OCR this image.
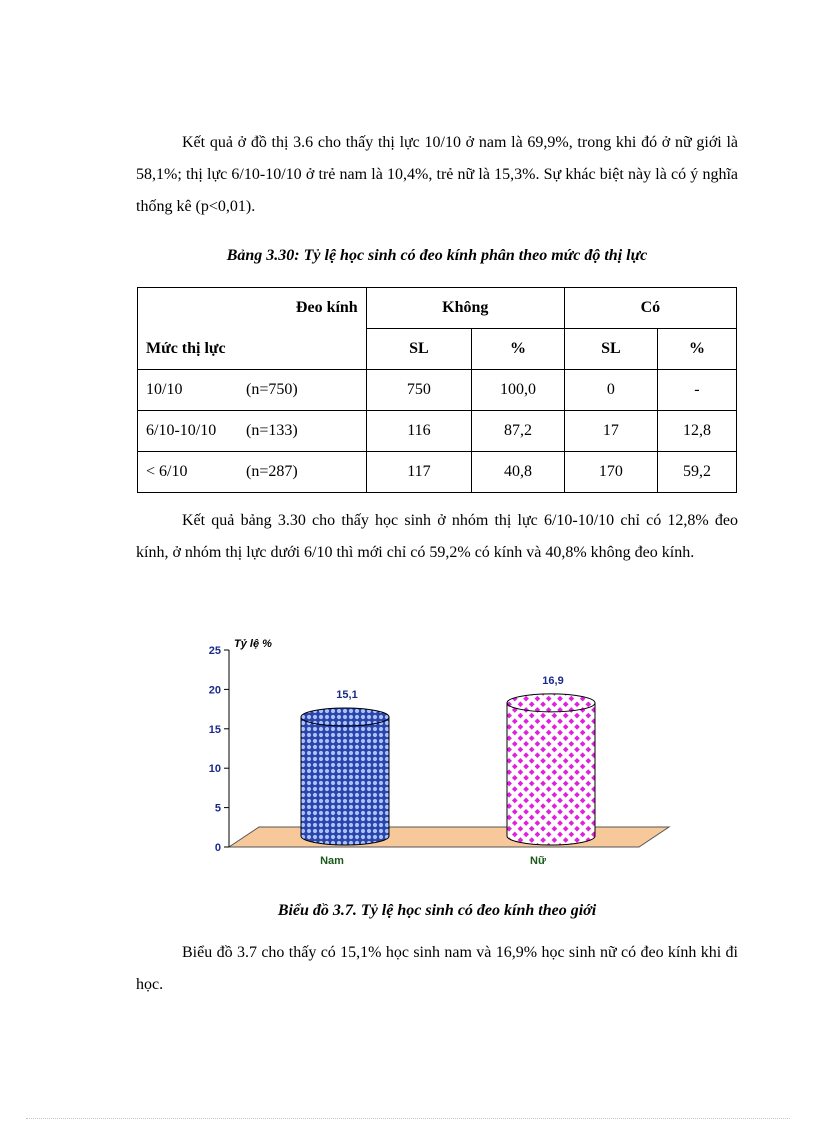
Kết quả ở đồ thị 3.6 cho thấy thị lực 10/10 ở nam là 69,9%, trong khi đó ở nữ giới là 58,1%; thị lực 6/10-10/10 ở trẻ nam là 10,4%, trẻ nữ là 15,3%. Sự khác biệt này là có ý nghĩa thống kê (p<0,01).

Bảng 3.30: Tỷ lệ học sinh có đeo kính phân theo mức độ thị lực

Đeo kính
Mức thị lực	Không		Có	
	SL	%	SL	%
10/10 (n=750)	750	100,0	0	-
6/10-10/10 (n=133)	116	87,2	17	12,8
< 6/10 (n=287)	117	40,8	170	59,2

Kết quả bảng 3.30 cho thấy học sinh ở nhóm thị lực 6/10-10/10 chỉ có 12,8% đeo kính, ở nhóm thị lực dưới 6/10 thì mới chỉ có 59,2% có kính và 40,8% không đeo kính.

0
5
10
15
20
25
Tỷ lệ %
15,1
Nam
16,9
Nữ

Biểu đồ 3.7. Tỷ lệ học sinh có đeo kính theo giới

Biểu đồ 3.7 cho thấy có 15,1% học sinh nam và 16,9% học sinh nữ có đeo kính khi đi học.
